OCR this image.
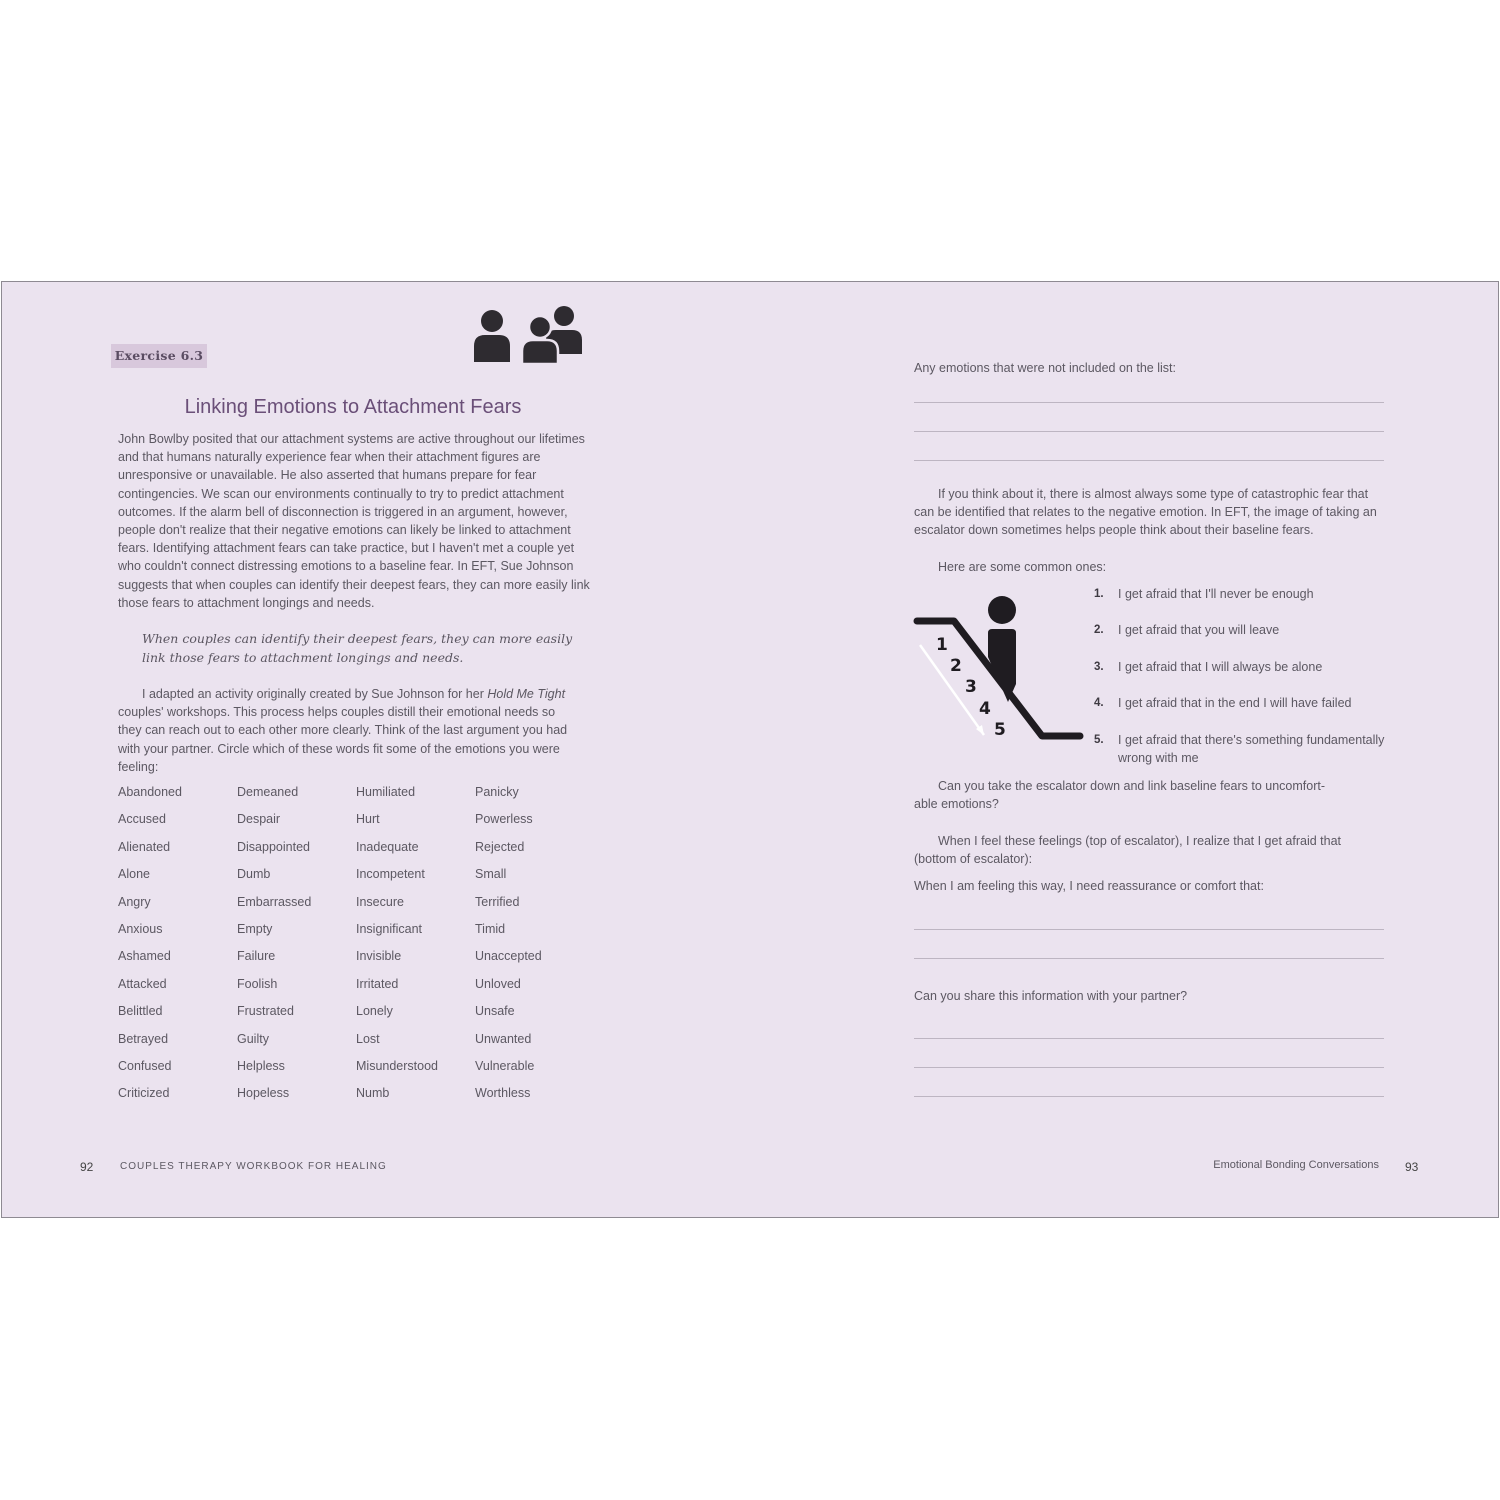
Exercise 6.3
Linking Emotions to Attachment Fears
John Bowlby posited that our attachment systems are active throughout our lifetimes and that humans naturally experience fear when their attachment figures are unresponsive or unavailable. He also asserted that humans prepare for fear contingencies. We scan our environments continually to try to predict attachment outcomes. If the alarm bell of disconnection is triggered in an argument, however, people don't realize that their negative emotions can likely be linked to attachment fears. Identifying attachment fears can take practice, but I haven't met a couple yet who couldn't connect distressing emotions to a baseline fear. In EFT, Sue Johnson suggests that when couples can identify their deepest fears, they can more easily link those fears to attachment longings and needs.
When couples can identify their deepest fears, they can more easily link those fears to attachment longings and needs.
I adapted an activity originally created by Sue Johnson for her Hold Me Tight couples' workshops. This process helps couples distill their emotional needs so they can reach out to each other more clearly. Think of the last argument you had with your partner. Circle which of these words fit some of the emotions you were feeling:
Abandoned	Demeaned	Humiliated	Panicky
Accused	Despair	Hurt	Powerless
Alienated	Disappointed	Inadequate	Rejected
Alone	Dumb	Incompetent	Small
Angry	Embarrassed	Insecure	Terrified
Anxious	Empty	Insignificant	Timid
Ashamed	Failure	Invisible	Unaccepted
Attacked	Foolish	Irritated	Unloved
Belittled	Frustrated	Lonely	Unsafe
Betrayed	Guilty	Lost	Unwanted
Confused	Helpless	Misunderstood	Vulnerable
Criticized	Hopeless	Numb	Worthless
92	COUPLES THERAPY WORKBOOK FOR HEALING
Any emotions that were not included on the list:
If you think about it, there is almost always some type of catastrophic fear that can be identified that relates to the negative emotion. In EFT, the image of taking an escalator down sometimes helps people think about their baseline fears.
Here are some common ones:
1
2
3
4
5
1. I get afraid that I'll never be enough
2. I get afraid that you will leave
3. I get afraid that I will always be alone
4. I get afraid that in the end I will have failed
5. I get afraid that there's something fundamentally wrong with me
Can you take the escalator down and link baseline fears to uncomfort-able emotions?
When I feel these feelings (top of escalator), I realize that I get afraid that (bottom of escalator):
When I am feeling this way, I need reassurance or comfort that:
Can you share this information with your partner?
Emotional Bonding Conversations 93
